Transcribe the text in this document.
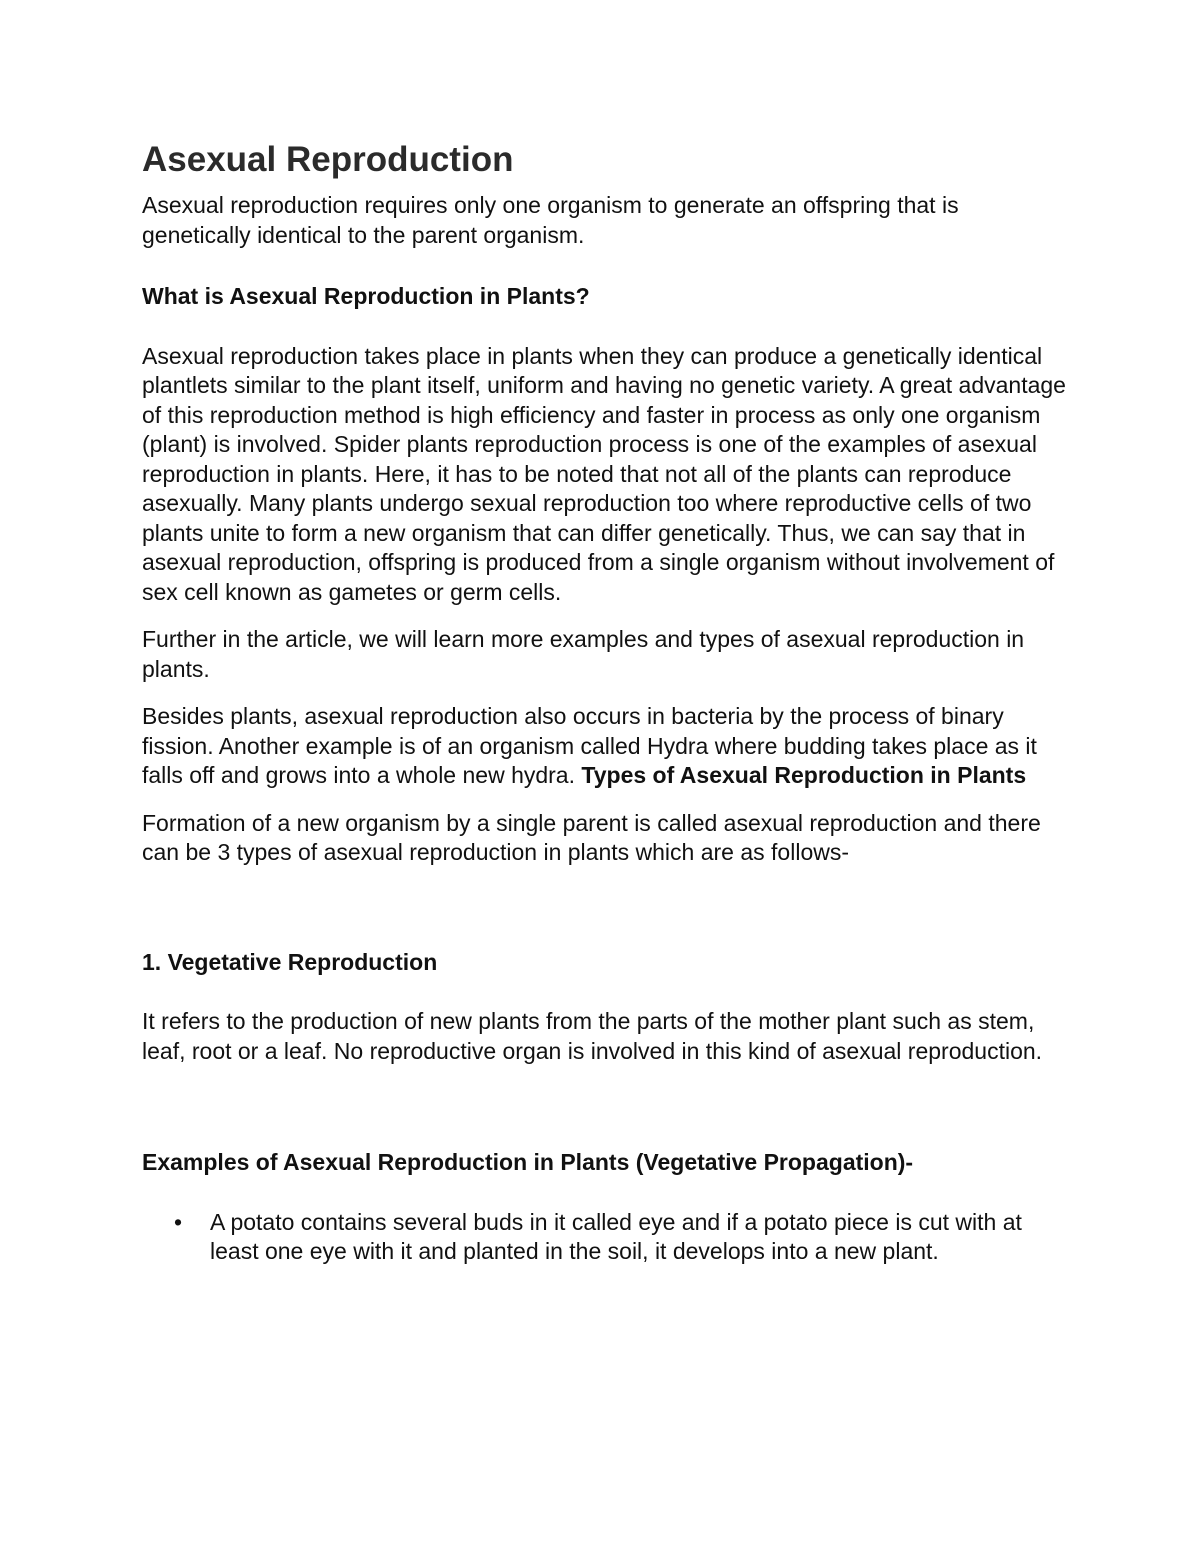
Asexual Reproduction

Asexual reproduction requires only one organism to generate an offspring that is genetically identical to the parent organism.

What is Asexual Reproduction in Plants?

Asexual reproduction takes place in plants when they can produce a genetically identical plantlets similar to the plant itself, uniform and having no genetic variety. A great advantage of this reproduction method is high efficiency and faster in process as only one organism (plant) is involved. Spider plants reproduction process is one of the examples of asexual reproduction in plants. Here, it has to be noted that not all of the plants can reproduce asexually. Many plants undergo sexual reproduction too where reproductive cells of two plants unite to form a new organism that can differ genetically. Thus, we can say that in asexual reproduction, offspring is produced from a single organism without involvement of sex cell known as gametes or germ cells.

Further in the article, we will learn more examples and types of asexual reproduction in plants.

Besides plants, asexual reproduction also occurs in bacteria by the process of binary fission. Another example is of an organism called Hydra where budding takes place as it falls off and grows into a whole new hydra. Types of Asexual Reproduction in Plants

Formation of a new organism by a single parent is called asexual reproduction and there can be 3 types of asexual reproduction in plants which are as follows-

1. Vegetative Reproduction

It refers to the production of new plants from the parts of the mother plant such as stem, leaf, root or a leaf. No reproductive organ is involved in this kind of asexual reproduction.

Examples of Asexual Reproduction in Plants (Vegetative Propagation)-

• A potato contains several buds in it called eye and if a potato piece is cut with at least one eye with it and planted in the soil, it develops into a new plant.
